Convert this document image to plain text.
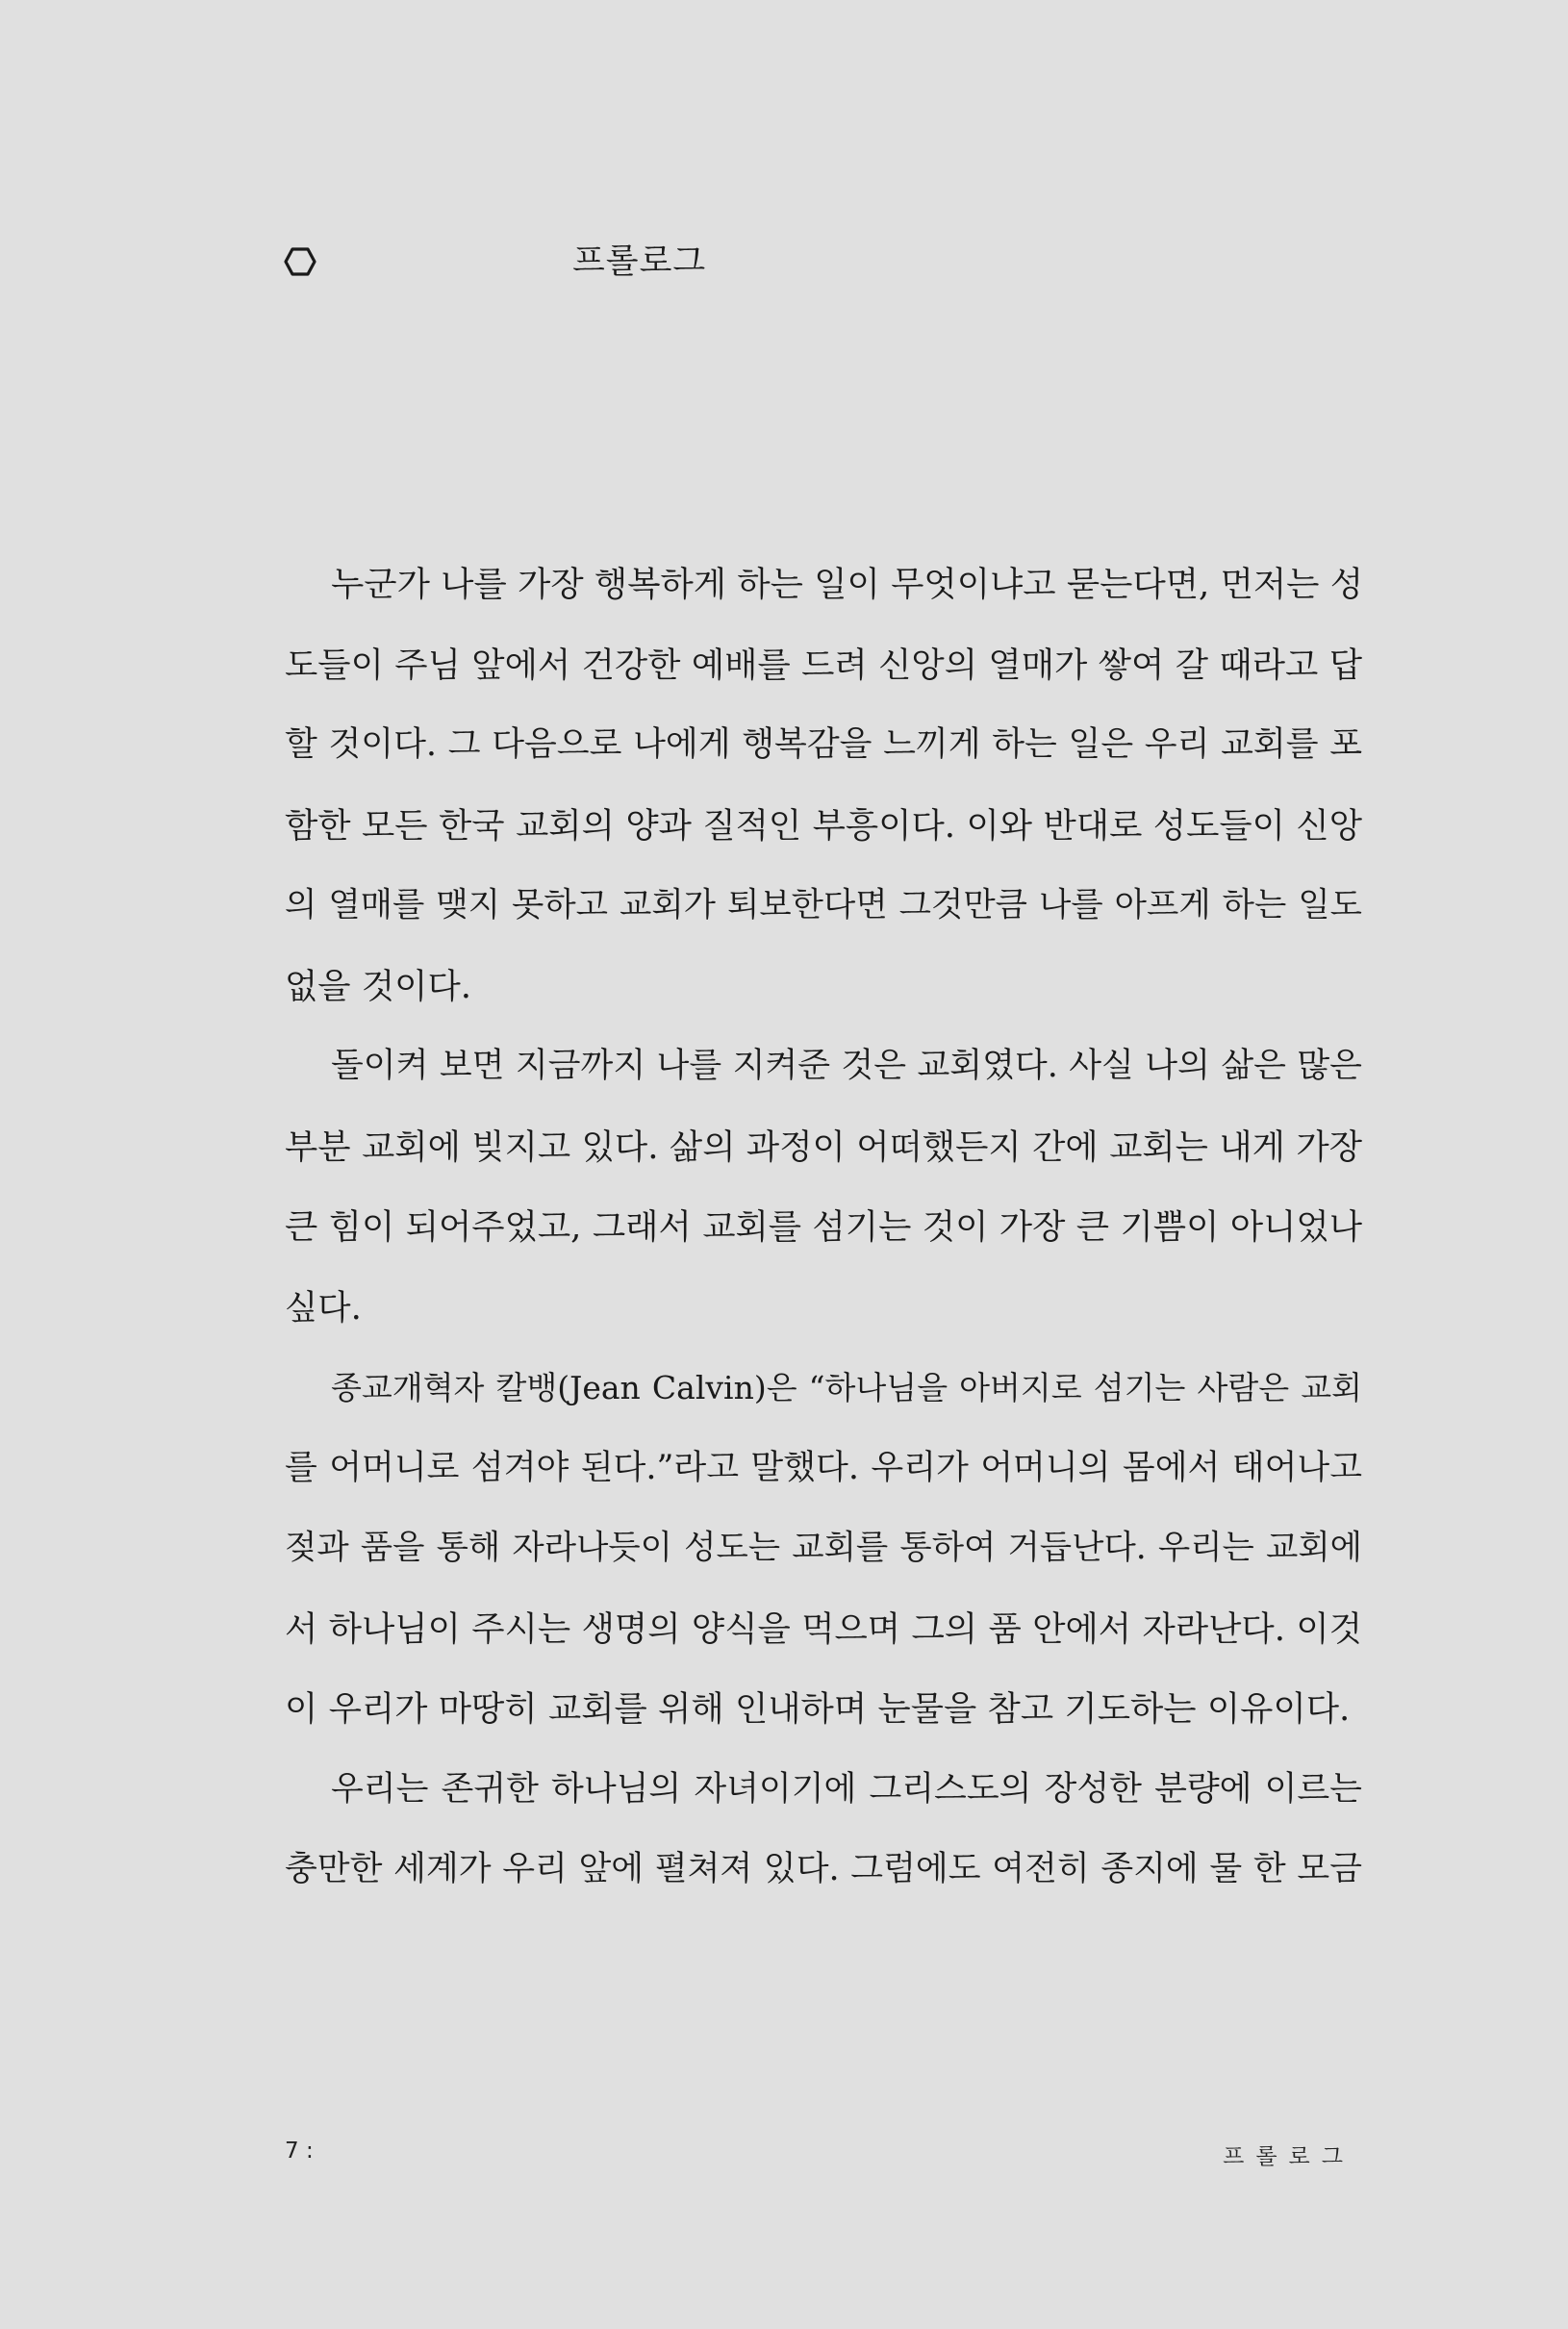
프롤로그
누군가 나를 가장 행복하게 하는 일이 무엇이냐고 묻는다면, 먼저는 성
도들이 주님 앞에서 건강한 예배를 드려 신앙의 열매가 쌓여 갈 때라고 답
할 것이다. 그 다음으로 나에게 행복감을 느끼게 하는 일은 우리 교회를 포
함한 모든 한국 교회의 양과 질적인 부흥이다. 이와 반대로 성도들이 신앙
의 열매를 맺지 못하고 교회가 퇴보한다면 그것만큼 나를 아프게 하는 일도
없을 것이다.
돌이켜 보면 지금까지 나를 지켜준 것은 교회였다. 사실 나의 삶은 많은
부분 교회에 빚지고 있다. 삶의 과정이 어떠했든지 간에 교회는 내게 가장
큰 힘이 되어주었고, 그래서 교회를 섬기는 것이 가장 큰 기쁨이 아니었나
싶다.
종교개혁자 칼뱅(Jean Calvin)은 “하나님을 아버지로 섬기는 사람은 교회
를 어머니로 섬겨야 된다.”라고 말했다. 우리가 어머니의 몸에서 태어나고
젖과 품을 통해 자라나듯이 성도는 교회를 통하여 거듭난다. 우리는 교회에
서 하나님이 주시는 생명의 양식을 먹으며 그의 품 안에서 자라난다. 이것
이 우리가 마땅히 교회를 위해 인내하며 눈물을 참고 기도하는 이유이다.
우리는 존귀한 하나님의 자녀이기에 그리스도의 장성한 분량에 이르는
충만한 세계가 우리 앞에 펼쳐져 있다. 그럼에도 여전히 종지에 물 한 모금
7 :	프롤로그
